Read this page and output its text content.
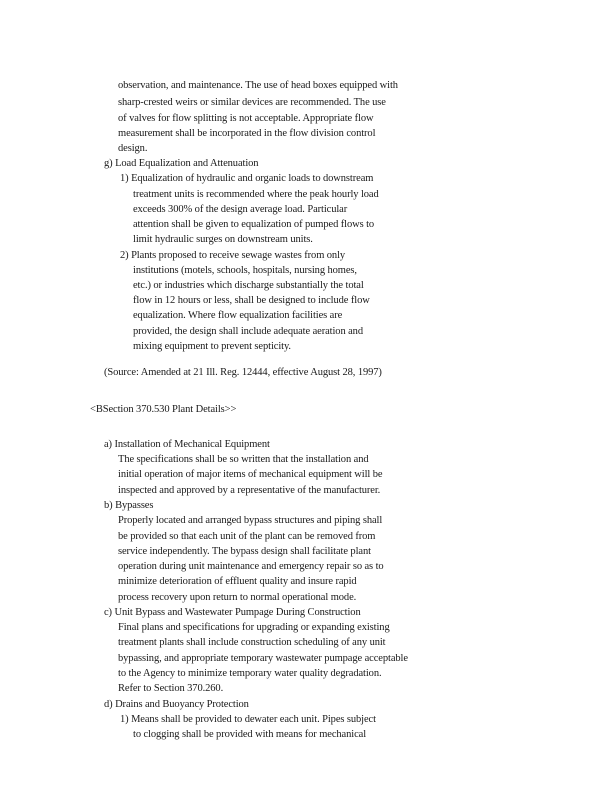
observation, and maintenance. The use of head boxes equipped with
sharp-crested weirs or similar devices are recommended. The use
of valves for flow splitting is not acceptable. Appropriate flow
measurement shall be incorporated in the flow division control
design.
g) Load Equalization and Attenuation
1) Equalization of hydraulic and organic loads to downstream
treatment units is recommended where the peak hourly load
exceeds 300% of the design average load. Particular
attention shall be given to equalization of pumped flows to
limit hydraulic surges on downstream units.
2) Plants proposed to receive sewage wastes from only
institutions (motels, schools, hospitals, nursing homes,
etc.) or industries which discharge substantially the total
flow in 12 hours or less, shall be designed to include flow
equalization. Where flow equalization facilities are
provided, the design shall include adequate aeration and
mixing equipment to prevent septicity.
(Source: Amended at 21 Ill. Reg. 12444, effective August 28, 1997)
<BSection 370.530 Plant Details>>
a) Installation of Mechanical Equipment
The specifications shall be so written that the installation and
initial operation of major items of mechanical equipment will be
inspected and approved by a representative of the manufacturer.
b) Bypasses
Properly located and arranged bypass structures and piping shall
be provided so that each unit of the plant can be removed from
service independently. The bypass design shall facilitate plant
operation during unit maintenance and emergency repair so as to
minimize deterioration of effluent quality and insure rapid
process recovery upon return to normal operational mode.
c) Unit Bypass and Wastewater Pumpage During Construction
Final plans and specifications for upgrading or expanding existing
treatment plants shall include construction scheduling of any unit
bypassing, and appropriate temporary wastewater pumpage acceptable
to the Agency to minimize temporary water quality degradation.
Refer to Section 370.260.
d) Drains and Buoyancy Protection
1) Means shall be provided to dewater each unit. Pipes subject
to clogging shall be provided with means for mechanical
